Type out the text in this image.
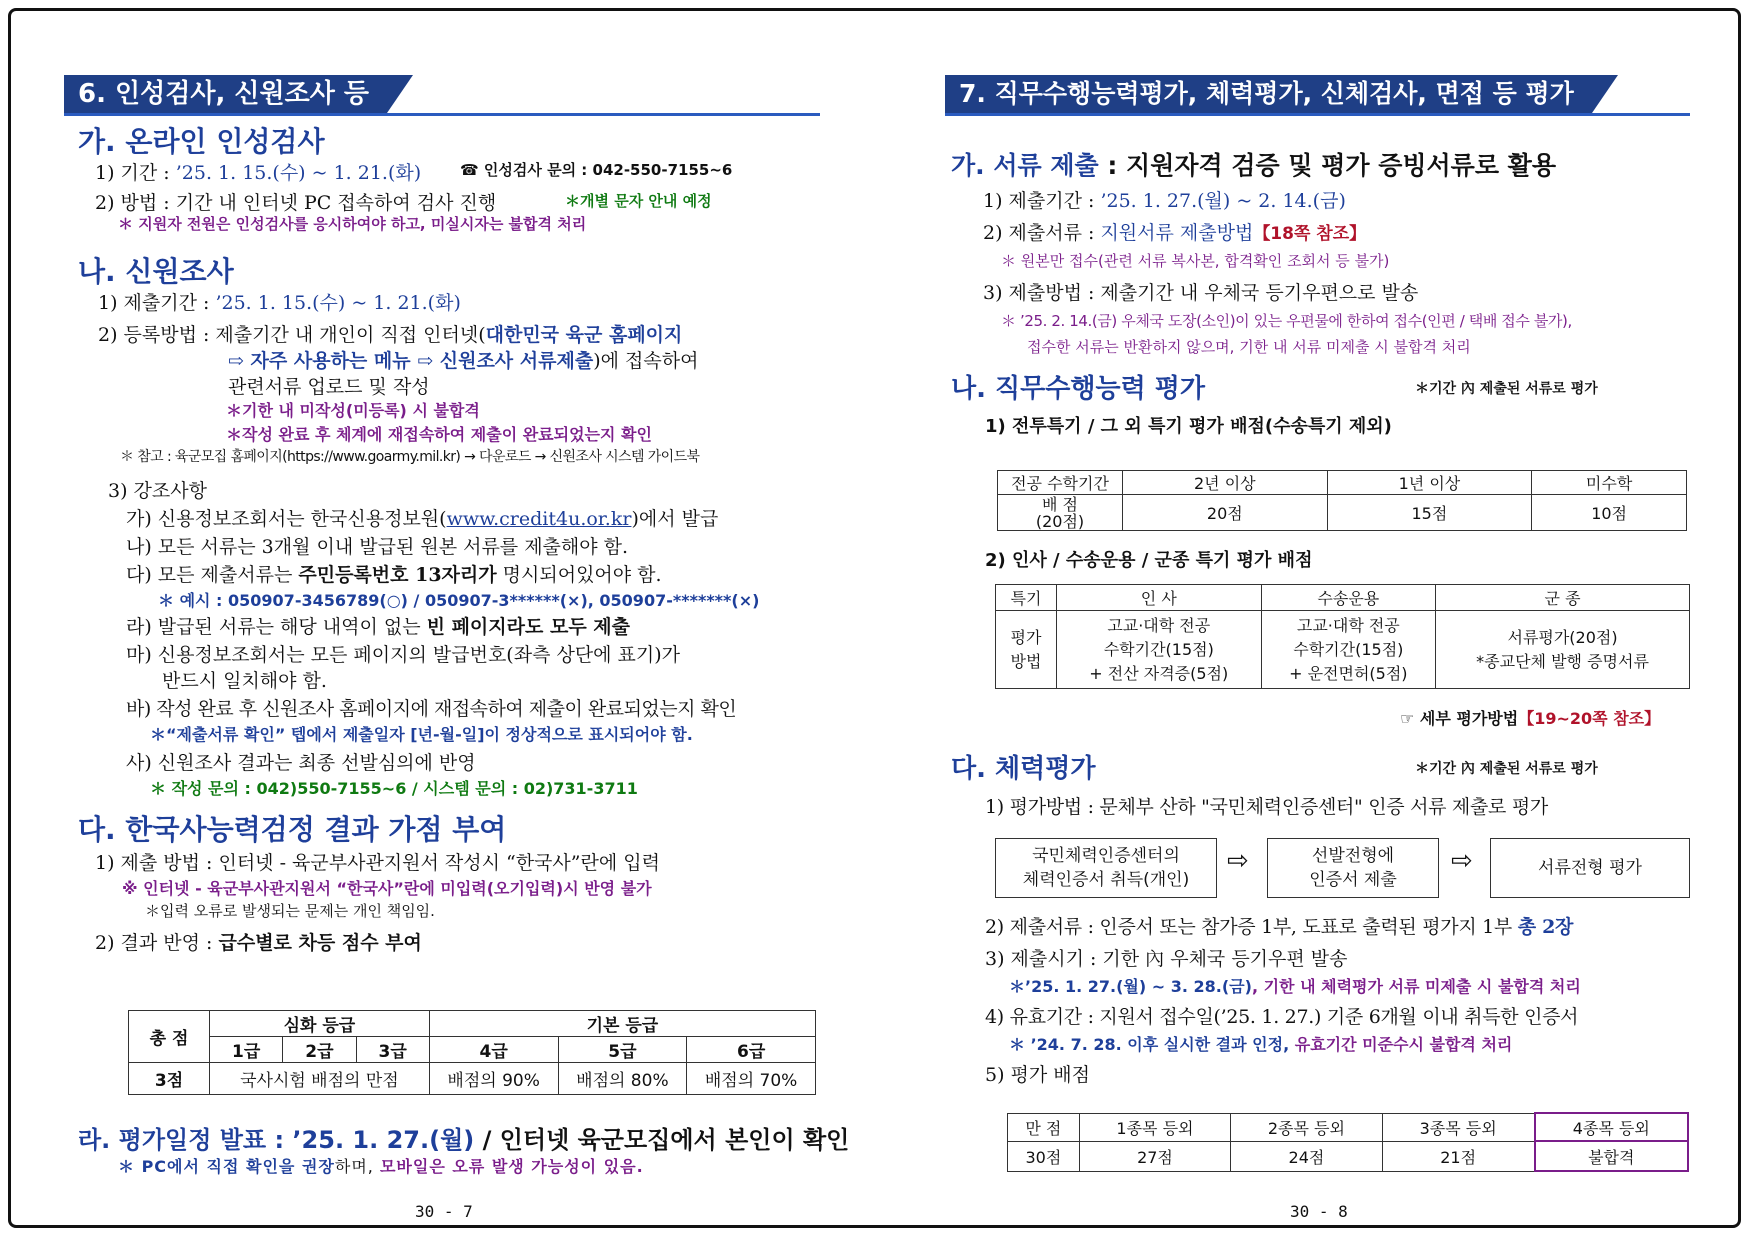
6. 인성검사, 신원조사 등
가. 온라인 인성검사
1) 기간 : ’25. 1. 15.(수) ~ 1. 21.(화)	☎ 인성검사 문의 : 042-550-7155~6
2) 방법 : 기간 내 인터넷 PC 접속하여 검사 진행	＊개별 문자 안내 예정
＊ 지원자 전원은 인성검사를 응시하여야 하고, 미실시자는 불합격 처리
나. 신원조사
1) 제출기간 : ’25. 1. 15.(수) ~ 1. 21.(화)
2) 등록방법 : 제출기간 내 개인이 직접 인터넷(대한민국 육군 홈페이지
⇨ 자주 사용하는 메뉴 ⇨ 신원조사 서류제출)에 접속하여
관련서류 업로드 및 작성
＊기한 내 미작성(미등록) 시 불합격
＊작성 완료 후 체계에 재접속하여 제출이 완료되었는지 확인
＊ 참고 : 육군모집 홈페이지(https://www.goarmy.mil.kr) → 다운로드 → 신원조사 시스템 가이드북
3) 강조사항
가) 신용정보조회서는 한국신용정보원(www.credit4u.or.kr)에서 발급
나) 모든 서류는 3개월 이내 발급된 원본 서류를 제출해야 함.
다) 모든 제출서류는 주민등록번호 13자리가 명시되어있어야 함.
＊ 예시 : 050907-3456789(○) / 050907-3******(×), 050907-*******(×)
라) 발급된 서류는 해당 내역이 없는 빈 페이지라도 모두 제출
마) 신용정보조회서는 모든 페이지의 발급번호(좌측 상단에 표기)가
반드시 일치해야 함.
바) 작성 완료 후 신원조사 홈페이지에 재접속하여 제출이 완료되었는지 확인
＊“제출서류 확인” 텝에서 제출일자 [년-월-일]이 정상적으로 표시되어야 함.
사) 신원조사 결과는 최종 선발심의에 반영
＊ 작성 문의 : 042)550-7155~6 / 시스템 문의 : 02)731-3711
다. 한국사능력검정 결과 가점 부여
1) 제출 방법 : 인터넷 - 육군부사관지원서 작성시 “한국사”란에 입력
※ 인터넷 - 육군부사관지원서 “한국사”란에 미입력(오기입력)시 반영 불가
＊입력 오류로 발생되는 문제는 개인 책임임.
2) 결과 반영 : 급수별로 차등 점수 부여
총 점	심화 등급			기본 등급		
	1급	2급	3급	4급	5급	6급
3점	국사시험 배점의 만점			배점의 90%	배점의 80%	배점의 70%
라. 평가일정 발표 : ’25. 1. 27.(월) / 인터넷 육군모집에서 본인이 확인
＊ PC에서 직접 확인을 권장하며, 모바일은 오류 발생 가능성이 있음.
30 - 7
7. 직무수행능력평가, 체력평가, 신체검사, 면접 등 평가
가. 서류 제출 : 지원자격 검증 및 평가 증빙서류로 활용
1) 제출기간 : ’25. 1. 27.(월) ~ 2. 14.(금)
2) 제출서류 : 지원서류 제출방법【18쪽 참조】
＊ 원본만 접수(관련 서류 복사본, 합격확인 조회서 등 불가)
3) 제출방법 : 제출기간 내 우체국 등기우편으로 발송
＊ ’25. 2. 14.(금) 우체국 도장(소인)이 있는 우편물에 한하여 접수(인편 / 택배 접수 불가),
접수한 서류는 반환하지 않으며, 기한 내 서류 미제출 시 불합격 처리
나. 직무수행능력 평가	＊기간 內 제출된 서류로 평가
1) 전투특기 / 그 외 특기 평가 배점(수송특기 제외)
전공 수학기간	2년 이상	1년 이상	미수학
배 점
(20점)	20점	15점	10점
2) 인사 / 수송운용 / 군종 특기 평가 배점
특기	인 사	수송운용	군 종
평가
방법	고교·대학 전공
수학기간(15점)
+ 전산 자격증(5점)	고교·대학 전공
수학기간(15점)
+ 운전면허(5점)	서류평가(20점)
*종교단체 발행 증명서류
☞ 세부 평가방법【19~20쪽 참조】
다. 체력평가	＊기간 內 제출된 서류로 평가
1) 평가방법 : 문체부 산하 "국민체력인증센터" 인증 서류 제출로 평가
국민체력인증센터의
체력인증서 취득(개인)
⇨	선발전형에
인증서 제출
⇨	서류전형 평가
2) 제출서류 : 인증서 또는 참가증 1부, 도표로 출력된 평가지 1부 총 2장
3) 제출시기 : 기한 內 우체국 등기우편 발송
＊’25. 1. 27.(월) ~ 3. 28.(금), 기한 내 체력평가 서류 미제출 시 불합격 처리
4) 유효기간 : 지원서 접수일(’25. 1. 27.) 기준 6개월 이내 취득한 인증서
＊ ’24. 7. 28. 이후 실시한 결과 인정, 유효기간 미준수시 불합격 처리
5) 평가 배점
만 점	1종목 등외	2종목 등외	3종목 등외	4종목 등외
30점	27점	24점	21점	불합격
30 - 8
